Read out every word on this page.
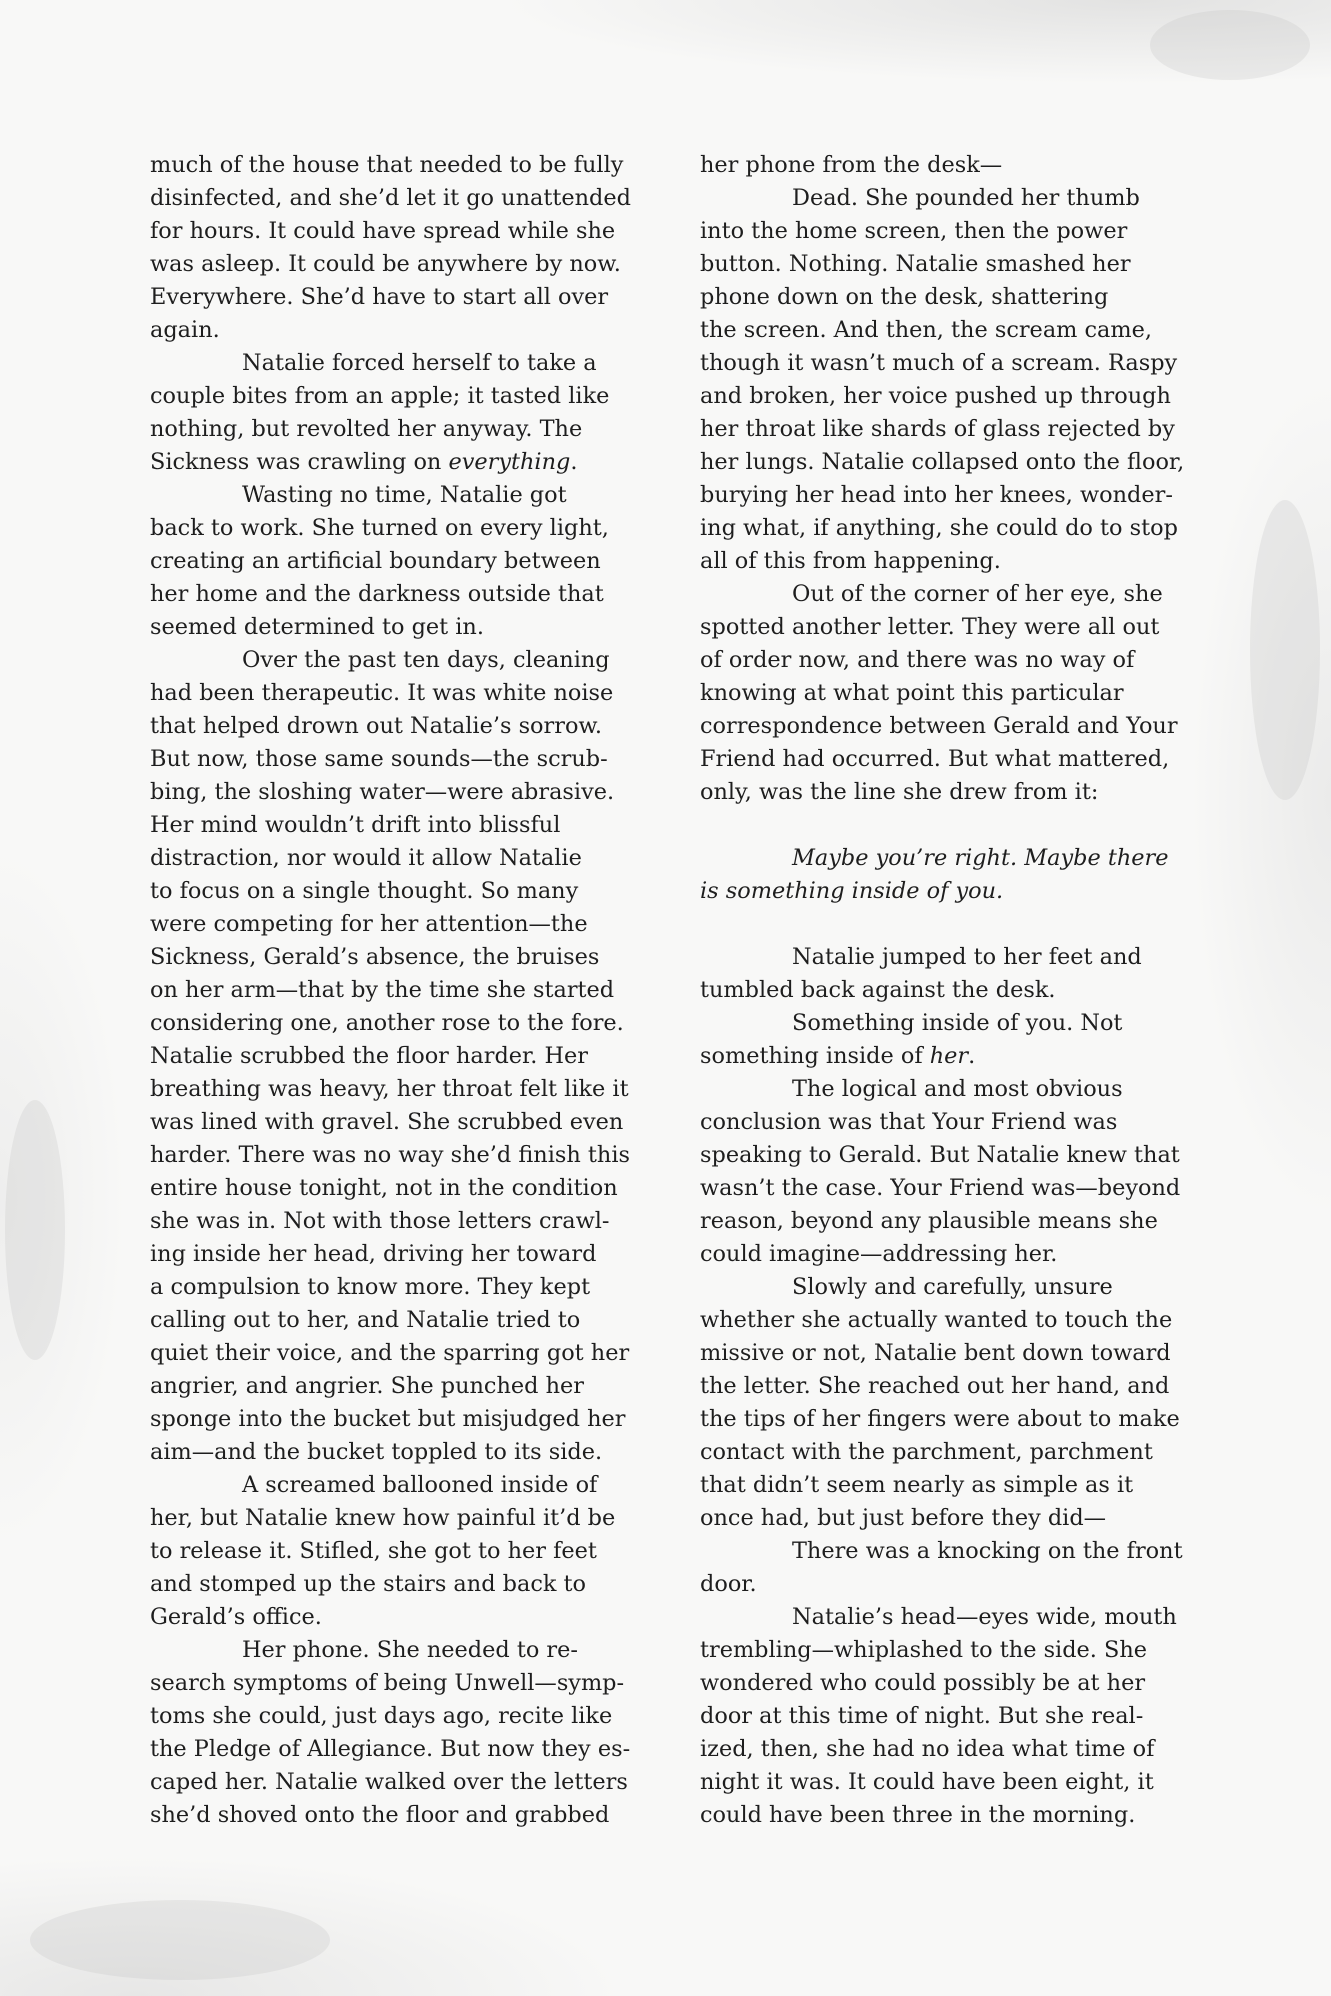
much of the house that needed to be fully
disinfected, and she’d let it go unattended
for hours. It could have spread while she
was asleep. It could be anywhere by now.
Everywhere. She’d have to start all over
again.
Natalie forced herself to take a
couple bites from an apple; it tasted like
nothing, but revolted her anyway. The
Sickness was crawling on everything.
Wasting no time, Natalie got
back to work. She turned on every light,
creating an artificial boundary between
her home and the darkness outside that
seemed determined to get in.
Over the past ten days, cleaning
had been therapeutic. It was white noise
that helped drown out Natalie’s sorrow.
But now, those same sounds—the scrub-
bing, the sloshing water—were abrasive.
Her mind wouldn’t drift into blissful
distraction, nor would it allow Natalie
to focus on a single thought. So many
were competing for her attention—the
Sickness, Gerald’s absence, the bruises
on her arm—that by the time she started
considering one, another rose to the fore.
Natalie scrubbed the floor harder. Her
breathing was heavy, her throat felt like it
was lined with gravel. She scrubbed even
harder. There was no way she’d finish this
entire house tonight, not in the condition
she was in. Not with those letters crawl-
ing inside her head, driving her toward
a compulsion to know more. They kept
calling out to her, and Natalie tried to
quiet their voice, and the sparring got her
angrier, and angrier. She punched her
sponge into the bucket but misjudged her
aim—and the bucket toppled to its side.
A screamed ballooned inside of
her, but Natalie knew how painful it’d be
to release it. Stifled, she got to her feet
and stomped up the stairs and back to
Gerald’s office.
Her phone. She needed to re-
search symptoms of being Unwell—symp-
toms she could, just days ago, recite like
the Pledge of Allegiance. But now they es-
caped her. Natalie walked over the letters
she’d shoved onto the floor and grabbed
her phone from the desk—
Dead. She pounded her thumb
into the home screen, then the power
button. Nothing. Natalie smashed her
phone down on the desk, shattering
the screen. And then, the scream came,
though it wasn’t much of a scream. Raspy
and broken, her voice pushed up through
her throat like shards of glass rejected by
her lungs. Natalie collapsed onto the floor,
burying her head into her knees, wonder-
ing what, if anything, she could do to stop
all of this from happening.
Out of the corner of her eye, she
spotted another letter. They were all out
of order now, and there was no way of
knowing at what point this particular
correspondence between Gerald and Your
Friend had occurred. But what mattered,
only, was the line she drew from it:
Maybe you’re right. Maybe there
is something inside of you.
Natalie jumped to her feet and
tumbled back against the desk.
Something inside of you. Not
something inside of her.
The logical and most obvious
conclusion was that Your Friend was
speaking to Gerald. But Natalie knew that
wasn’t the case. Your Friend was—beyond
reason, beyond any plausible means she
could imagine—addressing her.
Slowly and carefully, unsure
whether she actually wanted to touch the
missive or not, Natalie bent down toward
the letter. She reached out her hand, and
the tips of her fingers were about to make
contact with the parchment, parchment
that didn’t seem nearly as simple as it
once had, but just before they did—
There was a knocking on the front
door.
Natalie’s head—eyes wide, mouth
trembling—whiplashed to the side. She
wondered who could possibly be at her
door at this time of night. But she real-
ized, then, she had no idea what time of
night it was. It could have been eight, it
could have been three in the morning.
